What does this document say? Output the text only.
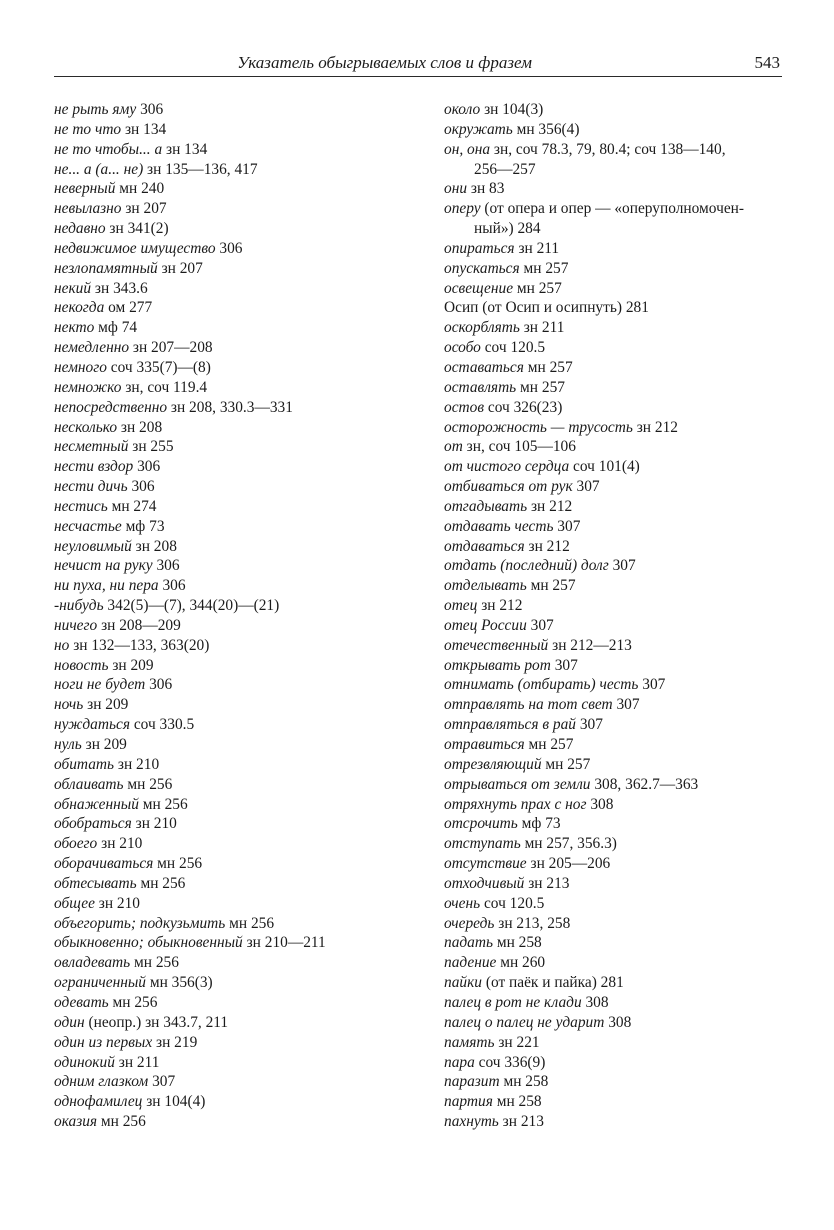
Указатель обыгрываемых слов и фразем	543
не рыть яму 306
не то что зн 134
не то чтобы... а зн 134
не... а (а... не) зн 135—136, 417
неверный мн 240
невылазно зн 207
недавно зн 341(2)
недвижимое имущество 306
незлопамятный зн 207
некий зн 343.6
некогда ом 277
некто мф 74
немедленно зн 207—208
немного соч 335(7)—(8)
немножко зн, соч 119.4
непосредственно зн 208, 330.3—331
несколько зн 208
несметный зн 255
нести вздор 306
нести дичь 306
нестись мн 274
несчастье мф 73
неуловимый зн 208
нечист на руку 306
ни пуха, ни пера 306
-нибудь 342(5)—(7), 344(20)—(21)
ничего зн 208—209
но зн 132—133, 363(20)
новость зн 209
ноги не будет 306
ночь зн 209
нуждаться соч 330.5
нуль зн 209
обитать зн 210
облаивать мн 256
обнаженный мн 256
обобраться зн 210
обоего зн 210
оборачиваться мн 256
обтесывать мн 256
общее зн 210
объегорить; подкузьмить мн 256
обыкновенно; обыкновенный зн 210—211
овладевать мн 256
ограниченный мн 356(3)
одевать мн 256
один (неопр.) зн 343.7, 211
один из первых зн 219
одинокий зн 211
одним глазком 307
однофамилец зн 104(4)
оказия мн 256
около зн 104(3)
окружать мн 356(4)
он, она зн, соч 78.3, 79, 80.4; соч 138—140,
256—257
они зн 83
оперу (от опера и опер — «оперуполномочен-
ный») 284
опираться зн 211
опускаться мн 257
освещение мн 257
Осип (от Осип и осипнуть) 281
оскорблять зн 211
особо соч 120.5
оставаться мн 257
оставлять мн 257
остов соч 326(23)
осторожность — трусость зн 212
от зн, соч 105—106
от чистого сердца соч 101(4)
отбиваться от рук 307
отгадывать зн 212
отдавать честь 307
отдаваться зн 212
отдать (последний) долг 307
отделывать мн 257
отец зн 212
отец России 307
отечественный зн 212—213
открывать рот 307
отнимать (отбирать) честь 307
отправлять на тот свет 307
отправляться в рай 307
отравиться мн 257
отрезвляющий мн 257
отрываться от земли 308, 362.7—363
отряхнуть прах с ног 308
отсрочить мф 73
отступать мн 257, 356.3)
отсутствие зн 205—206
отходчивый зн 213
очень соч 120.5
очередь зн 213, 258
падать мн 258
падение мн 260
пайки (от паёк и пайка) 281
палец в рот не клади 308
палец о палец не ударит 308
память зн 221
пара соч 336(9)
паразит мн 258
партия мн 258
пахнуть зн 213
